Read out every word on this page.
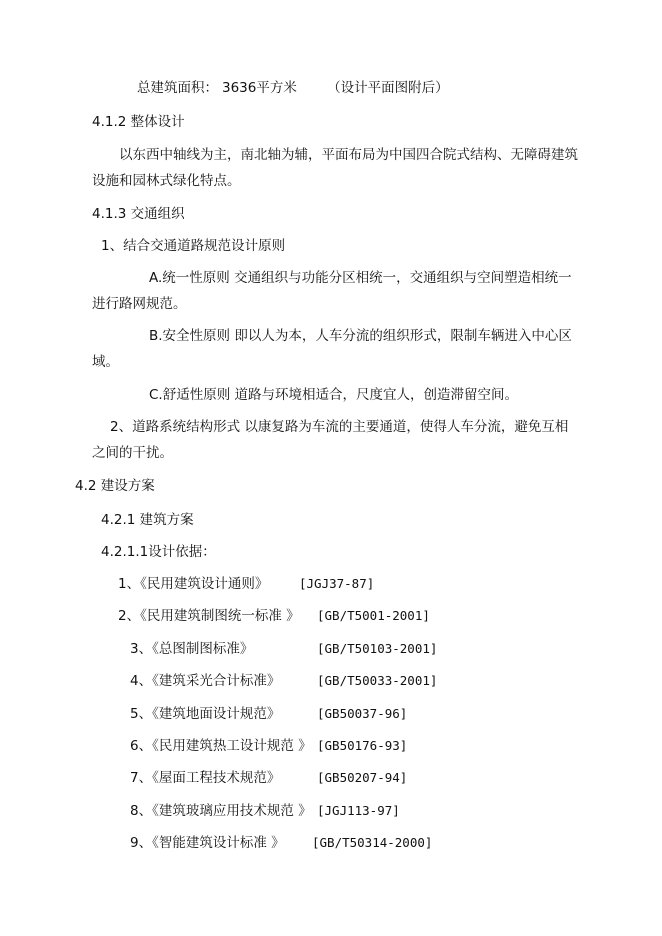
总建筑面积： 3636平方米 （设计平面图附后）
4.1.2 整体设计
以东西中轴线为主，南北轴为辅，平面布局为中国四合院式结构、无障碍建筑
设施和园林式绿化特点。
4.1.3 交通组织
1、结合交通道路规范设计原则
A.统一性原则 交通组织与功能分区相统一，交通组织与空间塑造相统一
进行路网规范。
B.安全性原则 即以人为本，人车分流的组织形式，限制车辆进入中心区
域。
C.舒适性原则 道路与环境相适合，尺度宜人，创造滞留空间。
2、道路系统结构形式 以康复路为车流的主要通道，使得人车分流，避免互相
之间的干扰。
4.2 建设方案
4.2.1 建筑方案
4.2.1.1设计依据：
1、《民用建筑设计通则》 [JGJ37-87]
2、《民用建筑制图统一标准 》 [GB/T5001-2001]
3、《总图制图标准》	[GB/T50103-2001]
4、《建筑采光合计标准》	[GB/T50033-2001]
5、《建筑地面设计规范》	[GB50037-96]
6、《民用建筑热工设计规范 》 [GB50176-93]
7、《屋面工程技术规范》	[GB50207-94]
8、《建筑玻璃应用技术规范 》 [JGJ113-97]
9、《智能建筑设计标准 》 [GB/T50314-2000]
